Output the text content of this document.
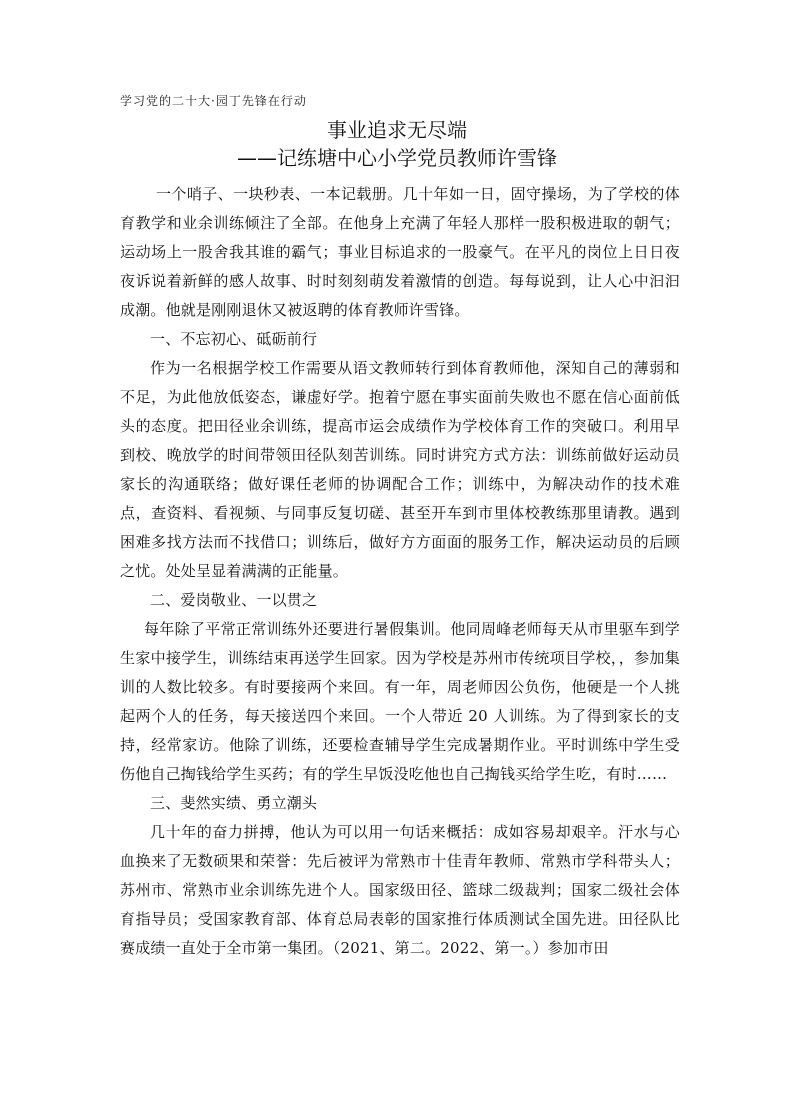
学习党的二十大·园丁先锋在行动
事业追求无尽端
——记练塘中心小学党员教师许雪锋

一个哨子、一块秒表、一本记载册。几十年如一日，固守操场，为了学校的体育教学和业余训练倾注了全部。在他身上充满了年轻人那样一股积极进取的朝气；运动场上一股舍我其谁的霸气；事业目标追求的一股豪气。在平凡的岗位上日日夜夜诉说着新鲜的感人故事、时时刻刻萌发着激情的创造。每每说到，让人心中汩汩成潮。他就是刚刚退休又被返聘的体育教师许雪锋。

一、不忘初心、砥砺前行

作为一名根据学校工作需要从语文教师转行到体育教师他，深知自己的薄弱和不足，为此他放低姿态，谦虚好学。抱着宁愿在事实面前失败也不愿在信心面前低头的态度。把田径业余训练，提高市运会成绩作为学校体育工作的突破口。利用早到校、晚放学的时间带领田径队刻苦训练。同时讲究方式方法：训练前做好运动员家长的沟通联络；做好课任老师的协调配合工作；训练中，为解决动作的技术难点，查资料、看视频、与同事反复切磋、甚至开车到市里体校教练那里请教。遇到困难多找方法而不找借口；训练后，做好方方面面的服务工作，解决运动员的后顾之忧。处处呈显着满满的正能量。

二、爱岗敬业、一以贯之

每年除了平常正常训练外还要进行暑假集训。他同周峰老师每天从市里驱车到学生家中接学生，训练结束再送学生回家。因为学校是苏州市传统项目学校，，参加集训的人数比较多。有时要接两个来回。有一年，周老师因公负伤，他硬是一个人挑起两个人的任务，每天接送四个来回。一个人带近 20 人训练。为了得到家长的支持，经常家访。他除了训练，还要检查辅导学生完成暑期作业。平时训练中学生受伤他自己掏钱给学生买药；有的学生早饭没吃他也自己掏钱买给学生吃，有时……

三、斐然实绩、勇立潮头

几十年的奋力拼搏，他认为可以用一句话来概括：成如容易却艰辛。汗水与心血换来了无数硕果和荣誉：先后被评为常熟市十佳青年教师、常熟市学科带头人；苏州市、常熟市业余训练先进个人。国家级田径、篮球二级裁判；国家二级社会体育指导员；受国家教育部、体育总局表彰的国家推行体质测试全国先进。田径队比赛成绩一直处于全市第一集团。（2021、第二。2022、第一。）参加市田
